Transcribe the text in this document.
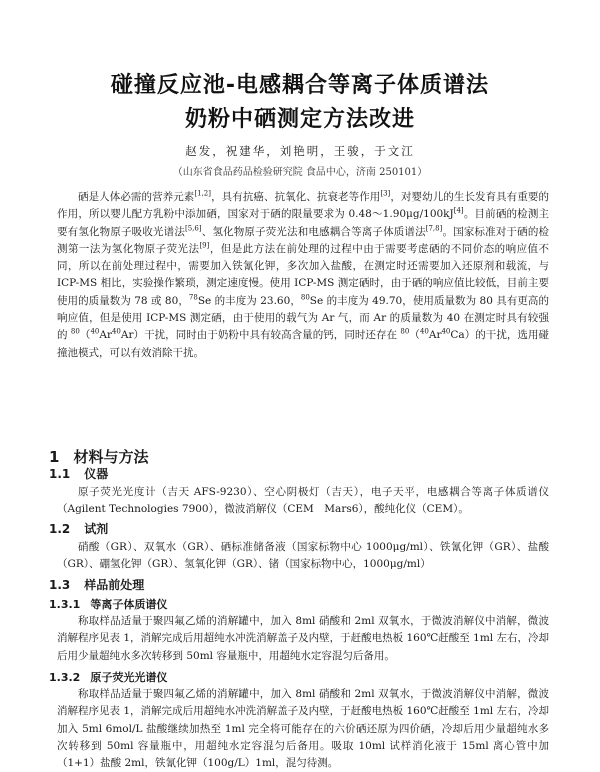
碰撞反应池-电感耦合等离子体质谱法
奶粉中硒测定方法改进
赵发，祝建华，刘艳明，王骏，于文江
（山东省食品药品检验研究院 食品中心，济南 250101）

硒是人体必需的营养元素[1,2]，具有抗癌、抗氧化、抗衰老等作用[3]，对婴幼儿的生长发育具有重要的作用，所以婴儿配方乳粉中添加硒，国家对于硒的限量要求为 0.48～1.90μg/100kJ[4]。目前硒的检测主要有氢化物原子吸收光谱法[5,6]、氢化物原子荧光法和电感耦合等离子体质谱法[7,8]。国家标准对于硒的检测第一法为氢化物原子荧光法[9]，但是此方法在前处理的过程中由于需要考虑硒的不同价态的响应值不同，所以在前处理过程中，需要加入铁氰化钾，多次加入盐酸，在测定时还需要加入还原剂和载流，与 ICP-MS 相比，实验操作繁琐，测定速度慢。使用 ICP-MS 测定硒时，由于硒的响应值比较低，目前主要使用的质量数为 78 或 80，$^{78}$Se 的丰度为 23.60，$^{80}$Se 的丰度为 49.70，使用质量数为 80 具有更高的响应值，但是使用 ICP-MS 测定硒，由于使用的载气为 Ar 气，而 Ar 的质量数为 40 在测定时具有较强的 $^{80}$（$^{40}$Ar$^{40}$Ar）干扰，同时由于奶粉中具有较高含量的钙，同时还存在 $^{80}$（$^{40}$Ar$^{40}$Ca）的干扰，选用碰撞池模式，可以有效消除干扰。

1 材料与方法
1.1 仪器

原子荧光光度计（吉天 AFS-9230）、空心阴极灯（吉天），电子天平，电感耦合等离子体质谱仪（Agilent Technologies 7900），微波消解仪（CEM　Mars6），酸纯化仪（CEM）。

1.2 试剂

硝酸（GR）、双氧水（GR）、硒标准储备液（国家标物中心 1000μg/ml）、铁氰化钾（GR）、盐酸（GR）、硼氢化钾（GR）、氢氧化钾（GR）、锗（国家标物中心，1000μg/ml）

1.3 样品前处理
1.3.1 等离子体质谱仪

称取样品适量于聚四氟乙烯的消解罐中，加入 8ml 硝酸和 2ml 双氧水，于微波消解仪中消解，微波消解程序见表 1，消解完成后用超纯水冲洗消解盖子及内壁，于赶酸电热板 160℃赶酸至 1ml 左右，冷却后用少量超纯水多次转移到 50ml 容量瓶中，用超纯水定容混匀后备用。

1.3.2 原子荧光光谱仪

称取样品适量于聚四氟乙烯的消解罐中，加入 8ml 硝酸和 2ml 双氧水，于微波消解仪中消解，微波消解程序见表 1，消解完成后用超纯水冲洗消解盖子及内壁，于赶酸电热板 160℃赶酸至 1ml 左右，冷却加入 5ml 6mol/L 盐酸继续加热至 1ml 完全将可能存在的六价硒还原为四价硒，冷却后用少量超纯水多次转移到 50ml 容量瓶中，用超纯水定容混匀后备用。吸取 10ml 试样消化液于 15ml 离心管中加（1+1）盐酸 2ml，铁氰化钾（100g/L）1ml，混匀待测。
